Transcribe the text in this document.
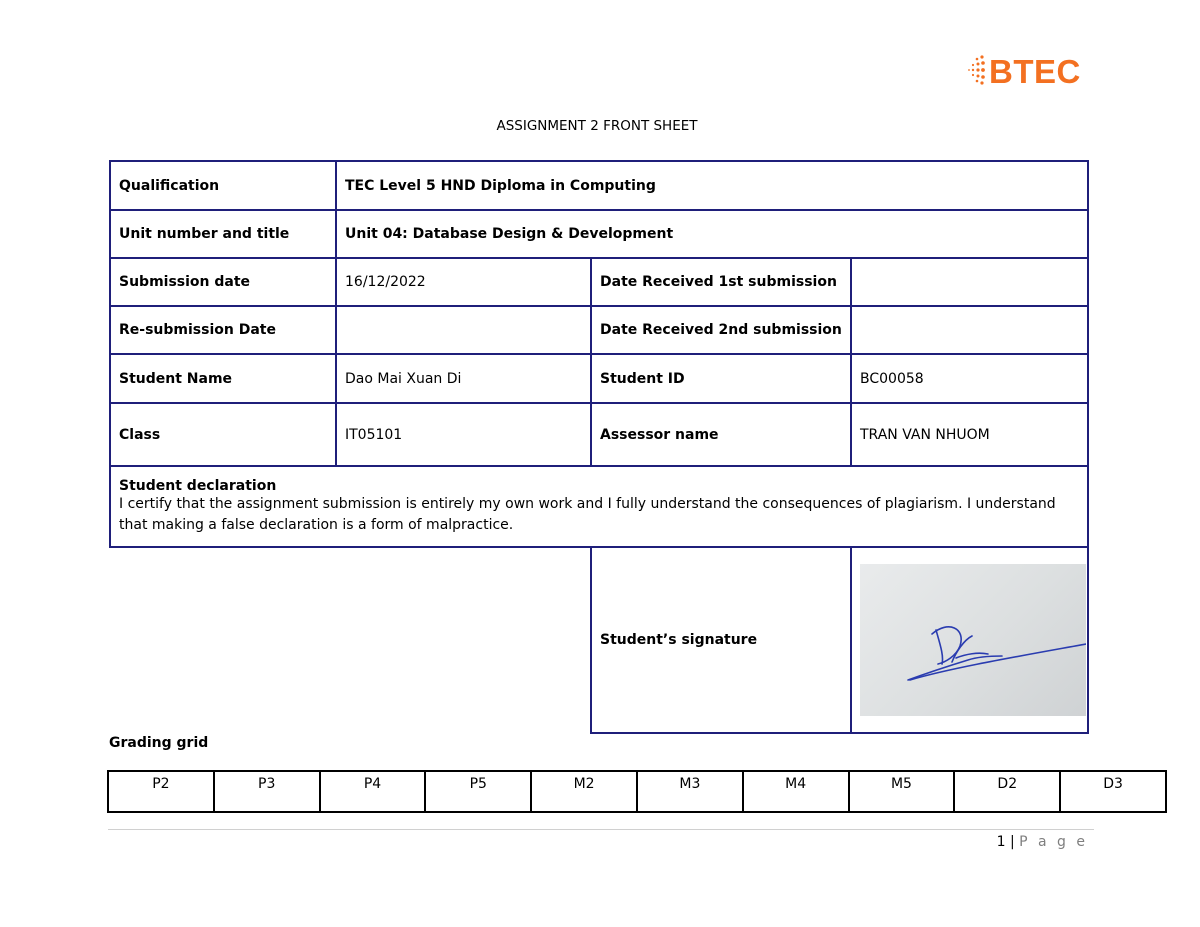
BTEC
ASSIGNMENT 2 FRONT SHEET
Qualification	TEC Level 5 HND Diploma in Computing		
Unit number and title	Unit 04: Database Design & Development		
Submission date	16/12/2022	Date Received 1st submission	
Re-submission Date		Date Received 2nd submission	
Student Name	Dao Mai Xuan Di	Student ID	BC00058
Class	IT05101	Assessor name	TRAN VAN NHUOM

Student declaration
I certify that the assignment submission is entirely my own work and I fully understand the consequences of plagiarism. I understand that making a false declaration is a form of malpractice.			

		Student’s signature	
Grading grid
P2	P3	P4	P5	M2	M3	M4	M5	D2	D3
1 | P a g e
